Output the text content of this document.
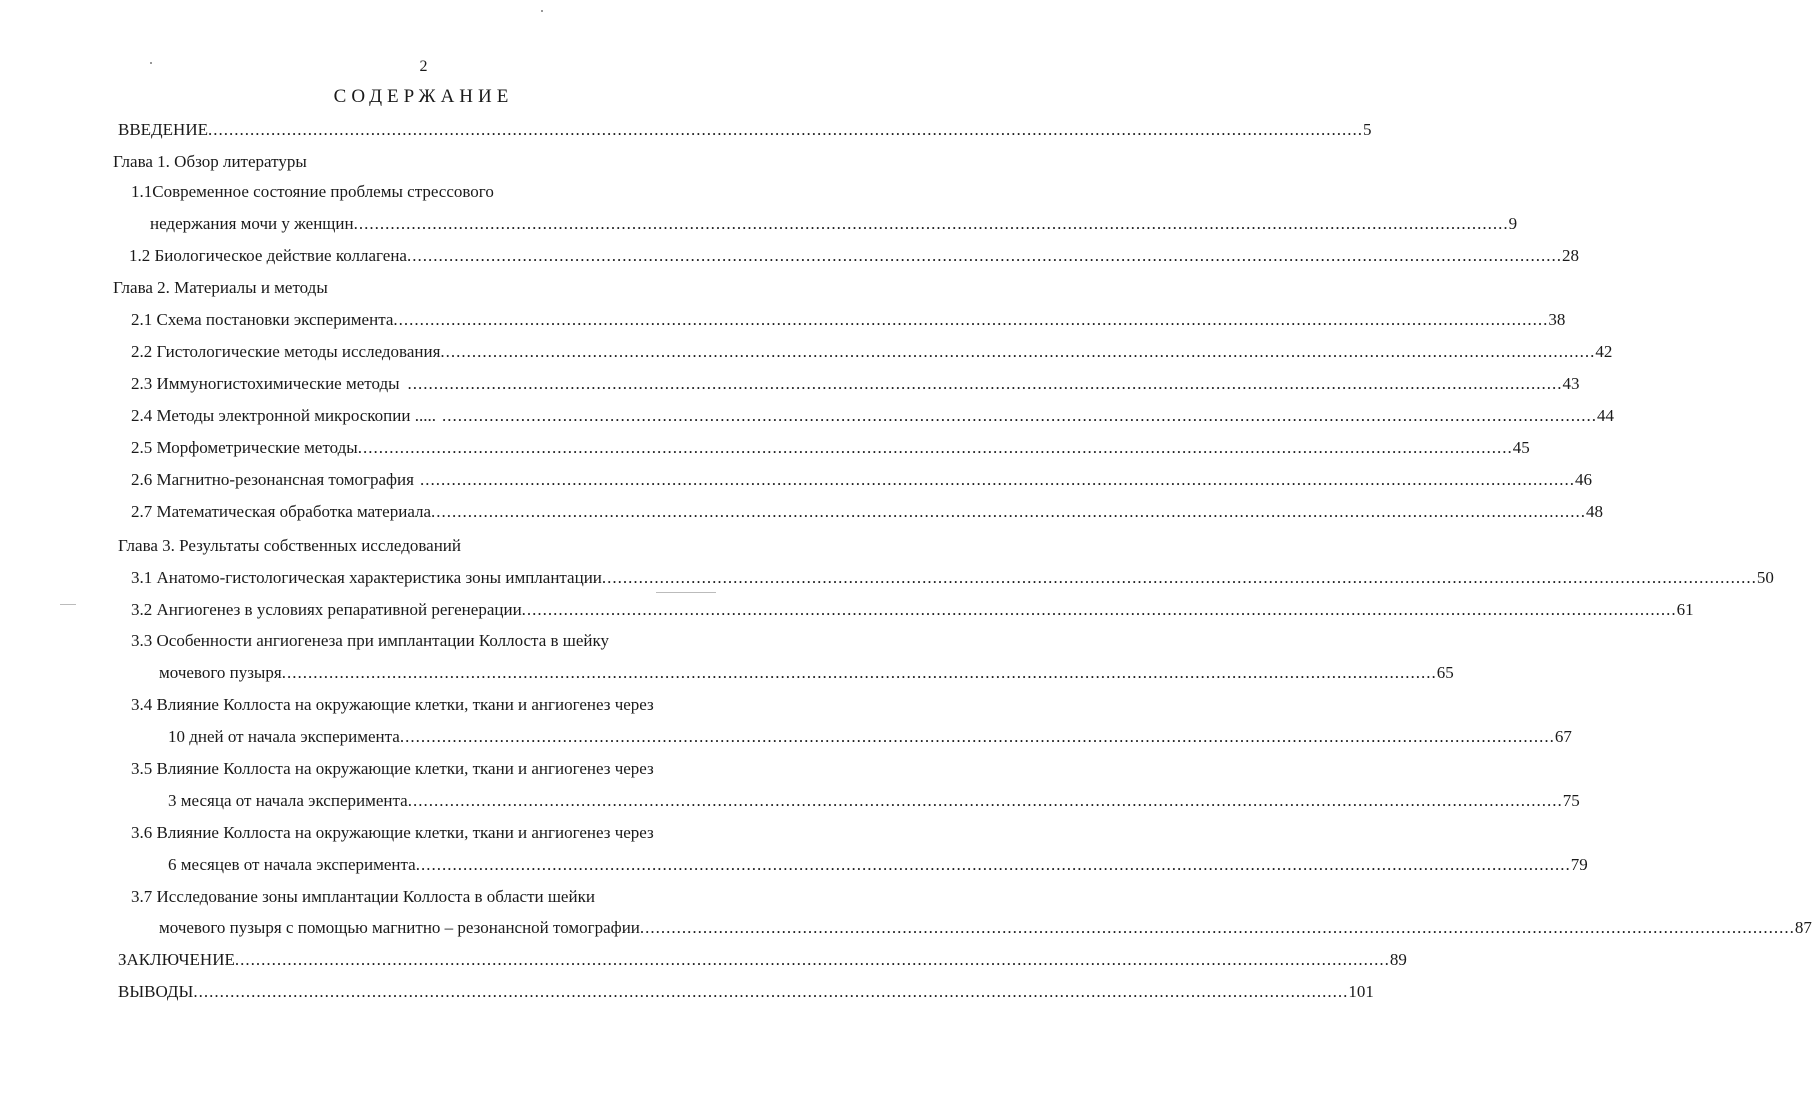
2
СОДЕРЖАНИЕ
ВВЕДЕНИЕ ............................................................................................................................................................................................................................ 5
Глава 1. Обзор литературы
1.1Современное состояние проблемы стрессового
недержания мочи у женщин ............................................................................................................................................................................................................................ 9
1.2 Биологическое действие коллагена ............................................................................................................................................................................................................................ 28
Глава 2. Материалы и методы
2.1 Схема постановки эксперимента ............................................................................................................................................................................................................................ 38
2.2 Гистологические методы исследования ............................................................................................................................................................................................................................ 42
2.3 Иммуногистохимические методы ............................................................................................................................................................................................................................ 43
2.4 Методы электронной микроскопии ..... ............................................................................................................................................................................................................................ 44
2.5 Морфометрические методы ............................................................................................................................................................................................................................ 45
2.6 Магнитно-резонансная томография ............................................................................................................................................................................................................................ 46
2.7 Математическая обработка материала ............................................................................................................................................................................................................................ 48
Глава 3. Результаты собственных исследований
3.1 Анатомо-гистологическая характеристика зоны имплантации ............................................................................................................................................................................................................................ 50
3.2 Ангиогенез в условиях репаративной регенерации ............................................................................................................................................................................................................................ 61
3.3 Особенности ангиогенеза при имплантации Коллоста в шейку
мочевого пузыря ............................................................................................................................................................................................................................ 65
3.4 Влияние Коллоста на окружающие клетки, ткани и ангиогенез через
10 дней от начала эксперимента ............................................................................................................................................................................................................................ 67
3.5 Влияние Коллоста на окружающие клетки, ткани и ангиогенез через
3 месяца от начала эксперимента ............................................................................................................................................................................................................................ 75
3.6 Влияние Коллоста на окружающие клетки, ткани и ангиогенез через
6 месяцев от начала эксперимента ............................................................................................................................................................................................................................ 79
3.7 Исследование зоны имплантации Коллоста в области шейки
мочевого пузыря с помощью магнитно – резонансной томографии ............................................................................................................................................................................................................................ 87
ЗАКЛЮЧЕНИЕ ............................................................................................................................................................................................................................ 89
ВЫВОДЫ ............................................................................................................................................................................................................................ 101
